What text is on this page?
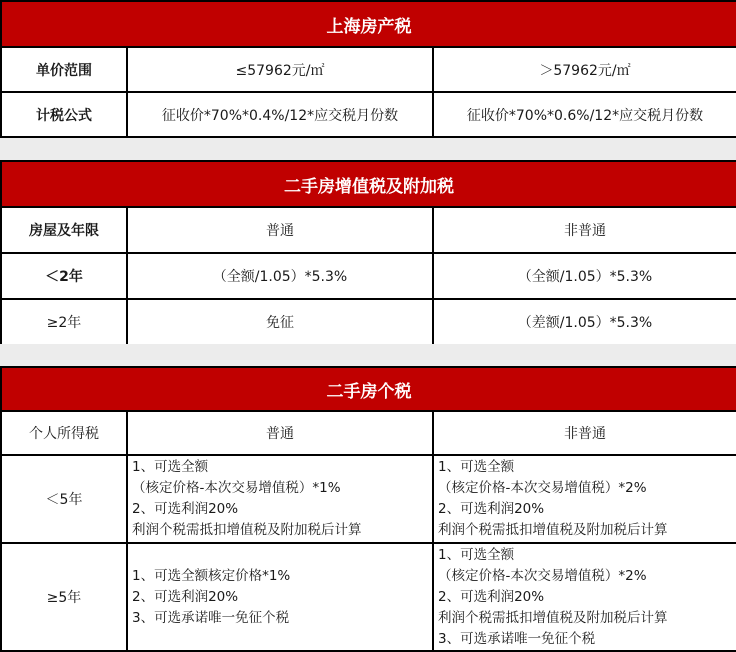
上海房产税		
单价范围	≤57962元/㎡	＞57962元/㎡
计税公式	征收价*70%*0.4%/12*应交税月份数	征收价*70%*0.6%/12*应交税月份数
二手房增值税及附加税		
房屋及年限	普通	非普通
＜2年	（全额/1.05）*5.3%	（全额/1.05）*5.3%
≥2年	免征	（差额/1.05）*5.3%
二手房个税		
个人所得税	普通	非普通
＜5年	1、可选全额
（核定价格-本次交易增值税）*1%
2、可选利润20%
利润个税需抵扣增值税及附加税后计算	1、可选全额
（核定价格-本次交易增值税）*2%
2、可选利润20%
利润个税需抵扣增值税及附加税后计算

≥5年	1、可选全额核定价格*1%
2、可选利润20%
3、可选承诺唯一免征个税	1、可选全额
（核定价格-本次交易增值税）*2%
2、可选利润20%
利润个税需抵扣增值税及附加税后计算
3、可选承诺唯一免征个税
